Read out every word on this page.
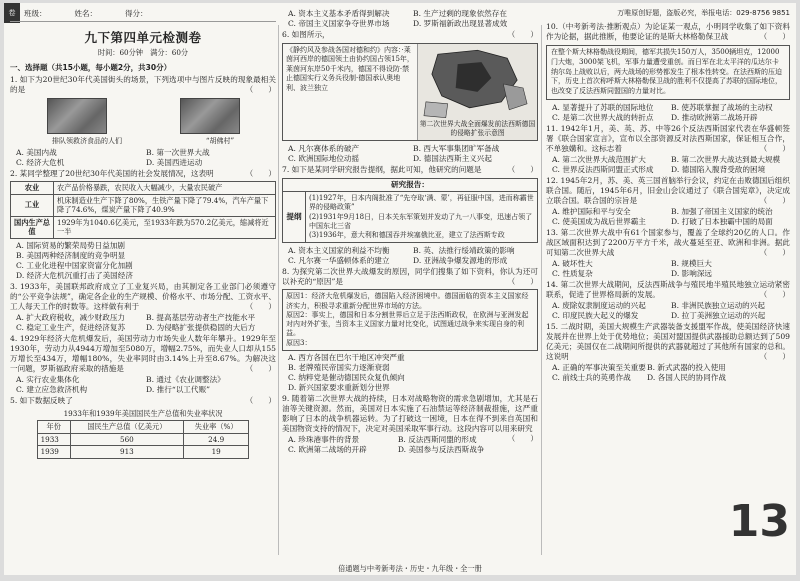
卷	班级：	姓名：	得分：
九下第四单元检测卷
时间：60分钟　满分：60分
一、选择题（共15小题，每小题2分，共30分）
1. 如下为20世纪30年代美国街头的场景，下列选项中与图片反映的现象最相关的是	（　　）
排队领救济食品的人们	“胡佛村”
A. 美国内战	B. 第一次世界大战
C. 经济大危机	D. 美国西进运动
2. 某同学整理了20世纪30年代美国的社会发展情况，这表明	（　　）
农业	农产品价格暴跌，农民收入大幅减少，大量农民破产
工业	机床制造业生产下降了80%，生铁产量下降了79.4%，汽车产量下降了74.6%，煤炭产量下降了40.9%
国内生产总值	1929年为1040.6亿美元，至1933年跌为570.2亿美元，缩减将近一半
A. 国际贸易的繁荣局势日益加剧
B. 美国两种经济制度的竞争明显
C. 工业化进程中国家资富分化加剧
D. 经济大危机沉重打击了美国经济
3. 1933年，美国联邦政府成立了工业复兴局，由其制定各工业部门必须遵守的“公平竞争法规”，确定各企业的生产规模、价格水平、市场分配、工资水平、工人每天工作的时数等。这样做有利于	（　　）
A. 扩大政府税收，减少财政压力	B. 提高基层劳动者生产技能水平
C. 稳定工业生产，促进经济复苏	D. 为侵略扩张提供稳固的大后方
4. 1929年经济大危机爆发后，美国劳动力市场失业人数年年攀升。1929年至1930年，劳动力从4944万增加至5080万，增幅2.75%，而失业人口却从155万增长至434万，增幅180%，失业率同时由3.14%上升至8.67%。为解决这一问题，罗斯福政府采取的措施是	（　　）
A. 实行农业集体化	B. 通过《农业调整法》
C. 建立应急救济机构	D. 推行“以工代赈”
5. 如下数据反映了	（　　）
1933年和1939年美国国民生产总值和失业率状况
年份	国民生产总值（亿美元）	失业率（%）
1933	560	24.9
1939	913	19
A. 资本主义基本矛盾得到解决	B. 生产过剩的现象依然存在
C. 帝国主义国家争夺世界市场	D. 罗斯福新政出现显著成效
6. 如图所示，	（　　）
《静约风及参战各国对德和约》内容：·莱茵河西岸的德国领土由协约国占领15年，莱茵河东岸50千米内，德国不得设防·禁止德国实行义务兵役制·德国承认奥地利、波兰独立
第二次世界大战全面爆发前法西斯德国的侵略扩张示意图
A. 凡尔赛体系的破产	B. 西大军事集团旷军备战
C. 欧洲国际地位动摇	D. 德国法西斯主义兴起
7. 如下是某同学研究报告提纲，据此可知，他研究的问题是	（　　）
研究报告：
提纲
(1)1927年，日本内阁批准了“先夺取‘满、蒙’，再征服中国，进而称霸世界的侵略政策”
(2)1931年9月18日，日本关东军策划并发动了九一八事变，迅速占领了中国东北三省
(3)1936年，意大利和德国吞并埃塞俄比亚，建立了法西斯专政
A. 资本主义国家的利益不均衡	B. 英、法推行绥靖政策的影响
C. 凡尔赛一华盛顿体系的建立	D. 亚洲战争爆发源地的形成
8. 为探究第二次世界大战爆发的原因，同学们搜集了如下资料，你认为还可以补充的“原因”是	（　　）
原因1：经济大危机爆发后，德国陷入经济困境中。德国面临的资本主义国家经济实力，积极寻求重新分配世界市场的方法。
原因2：事实上，德国和日本分割世界后立足于法西斯政权，在欧洲与亚洲发起对内对外扩张，当资本主义国家力量对比变化，试图通过战争来实现自身的利益。
原因3：
A. 西方各国在巴尔干地区冲突严重
B. 老牌殖民帝国实力逐渐衰弱
C. 纳粹党是催动德国民众复仇倾向
D. 新兴国家要求重新划分世界
9. 随着第二次世界大战的持续，日本对战略物资的需求急剧增加，尤其是石油等关键资源。然而，美国对日本实施了石油禁运等经济制裁措施，这严重影响了日本的战争机器运转。为了打破这一困境，日本在得不到来自英国和美国物资支持的情况下，决定对美国采取军事行动。这段内容可以用来研究
（　　）
A. 珍珠港事件的背景	B. 反法西斯同盟的形成
C. 欧洲第二战场的开辟	D. 美国参与反法西斯战争
万唯原创好题，盗版必究，举报电话：029-8756 9851
10.（中考新考法·推断观点）为论证某一观点，小明同学收集了如下资料作为论据，据此推断，他要论证的是斯大林格勒保卫战	（　　）
在整个斯大林格勒战役期间，德军共损失150万人，3500辆坦克，12000门大炮，3000架飞机，军事力量遭受重创。而日军在北太平洋的瓜达尔卡纳尔岛上战败以后，两大战场的形势都发生了根本性转变。在法西斯的压迫下，历史上首次称呼斯大林格勒保卫战的胜利不仅提高了苏联的国际地位，也改变了反法西斯同盟国的力量对比。
A. 显著提升了苏联的国际地位	B. 使苏联掌握了战场的主动权
C. 是第二次世界大战的转折点	D. 推动欧洲第二战场开辟
11. 1942年1月，美、英、苏、中等26个反法西斯国家代表在华盛顿签署《联合国家宣言》，宣布以全部资源反对法西斯国家，保证相互合作，不单独媾和。这标志着	（　　）
A. 第二次世界大战范围扩大	B. 第二次世界大战达到最大规模
C. 世界反法西斯同盟正式形成	D. 德国陷入腹背受敌的困境
12. 1945年2月，苏、美、英三国首脑举行会议，约定在击败德国后组织联合国。随后，1945年6月，旧金山会议通过了《联合国宪章》，决定成立联合国。联合国的宗旨是	（　　）
A. 维护国际和平与安全	B. 加强了帝国主义国家的统治
C. 使美国成为战后世界霸主	D. 打破了日本独霸中国的局面
13. 第二次世界大战中有61个国家参与，覆盖了全球约20亿的人口。作战区域面积达到了2200万平方千米，战火蔓延至亚、欧洲和非洲。据此可知第二次世界大战	（　　）
A. 破坏性大	B. 规模巨大
C. 性质复杂	D. 影响深远
14. 第二次世界大战期间，反法西斯战争与殖民地半殖民地独立运动紧密联系，促进了世界格局新的发展。	（　　）
A. 废除奴隶制度运动的兴起	B. 非洲民族独立运动的兴起
C. 印度民族大起义的爆发	D. 拉丁美洲独立运动的兴起
15. 二战时期，美国大规模生产武器装备支援盟军作战，使美国经济快速发展并在世界上处于优势地位；美国对盟国提供武器援助总额达到了509亿美元；美国仅在二战期间所提供的武器就超过了其他所有国家的总和。这说明	（　　）
A. 正确的军事决策至关重要 B. 新式武器的投入使用
C. 前线士兵的英勇作战	D. 各国人民的协同作战
13
倍通题与中考新考法・历史・九年级・全一册
